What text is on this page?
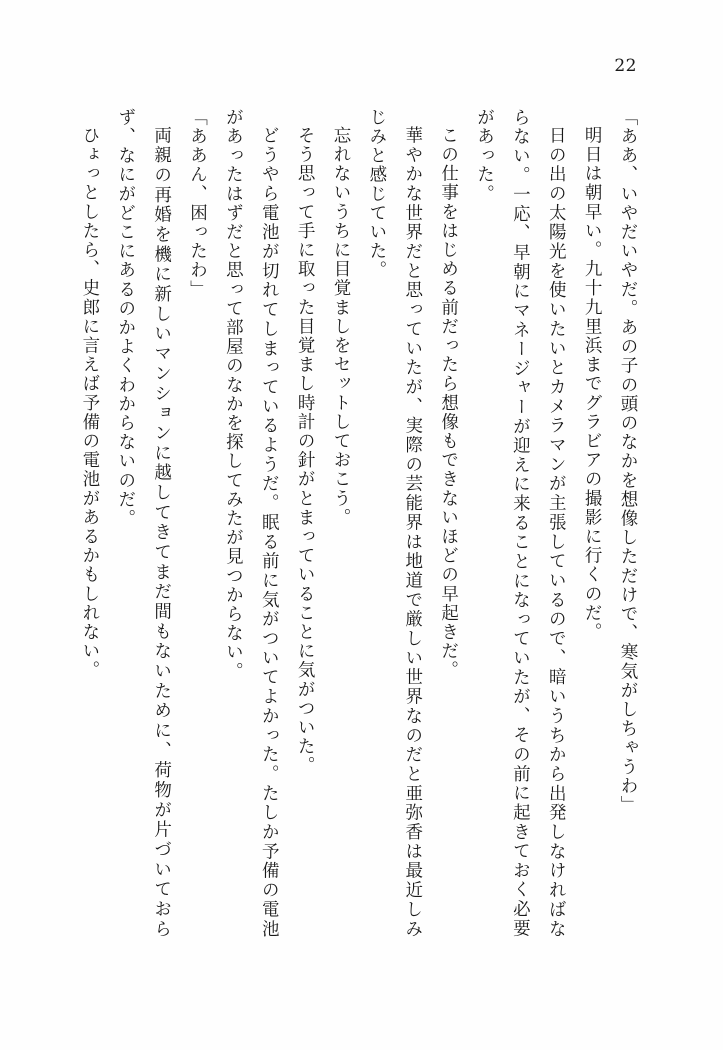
22

「ああ、いやだいやだ。あの子の頭のなかを想像しただけで、寒気がしちゃうわ」

明日は朝早い。九十九里浜までグラビアの撮影に行くのだ。

日の出の太陽光を使いたいとカメラマンが主張しているので、暗いうちから出発しなければならない。一応、早朝にマネージャーが迎えに来ることになっていたが、その前に起きておく必要があった。

この仕事をはじめる前だったら想像もできないほどの早起きだ。

華やかな世界だと思っていたが、実際の芸能界は地道で厳しい世界なのだと亜弥香は最近しみじみと感じていた。

忘れないうちに目覚ましをセットしておこう。

そう思って手に取った目覚まし時計の針がとまっていることに気がついた。

どうやら電池が切れてしまっているようだ。眠る前に気がついてよかった。たしか予備の電池があったはずだと思って部屋のなかを探してみたが見つからない。

「ああん、困ったわ」

両親の再婚を機に新しいマンションに越してきてまだ間もないために、荷物が片づいておらず、なにがどこにあるのかよくわからないのだ。

ひょっとしたら、史郎に言えば予備の電池があるかもしれない。
